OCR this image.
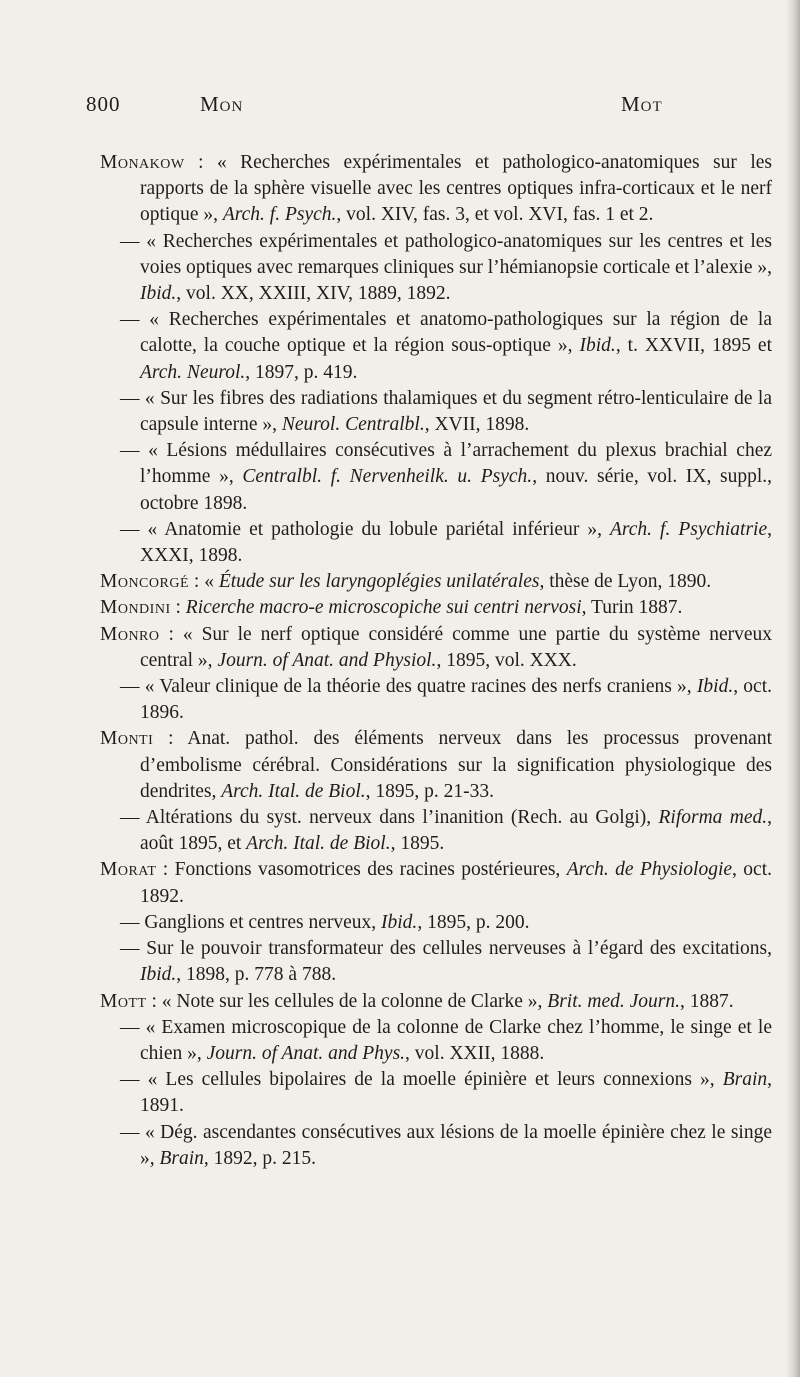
800	Mon	Mot

Monakow : « Recherches expérimentales et pathologico-anatomiques sur les rapports de la sphère visuelle avec les centres optiques infra-corticaux et le nerf optique », Arch. f. Psych., vol. XIV, fas. 3, et vol. XVI, fas. 1 et 2.

— « Recherches expérimentales et pathologico-anatomiques sur les centres et les voies optiques avec remarques cliniques sur l’hémianopsie corticale et l’alexie », Ibid., vol. XX, XXIII, XIV, 1889, 1892.

— « Recherches expérimentales et anatomo-pathologiques sur la région de la calotte, la couche optique et la région sous-optique », Ibid., t. XXVII, 1895 et Arch. Neurol., 1897, p. 419.

— « Sur les fibres des radiations thalamiques et du segment rétro-lenticulaire de la capsule interne », Neurol. Centralbl., XVII, 1898.

— « Lésions médullaires consécutives à l’arrachement du plexus brachial chez l’homme », Centralbl. f. Nervenheilk. u. Psych., nouv. série, vol. IX, suppl., octobre 1898.

— « Anatomie et pathologie du lobule pariétal inférieur », Arch. f. Psychiatrie, XXXI, 1898.

Moncorgé : « Étude sur les laryngoplégies unilatérales, thèse de Lyon, 1890.

Mondini : Ricerche macro-e microscopiche sui centri nervosi, Turin 1887.

Monro : « Sur le nerf optique considéré comme une partie du système nerveux central », Journ. of Anat. and Physiol., 1895, vol. XXX.

— « Valeur clinique de la théorie des quatre racines des nerfs craniens », Ibid., oct. 1896.

Monti : Anat. pathol. des éléments nerveux dans les processus provenant d’embolisme cérébral. Considérations sur la signification physiologique des dendrites, Arch. Ital. de Biol., 1895, p. 21-33.

— Altérations du syst. nerveux dans l’inanition (Rech. au Golgi), Riforma med., août 1895, et Arch. Ital. de Biol., 1895.

Morat : Fonctions vasomotrices des racines postérieures, Arch. de Physiologie, oct. 1892.

— Ganglions et centres nerveux, Ibid., 1895, p. 200.

— Sur le pouvoir transformateur des cellules nerveuses à l’égard des excitations, Ibid., 1898, p. 778 à 788.

Mott : « Note sur les cellules de la colonne de Clarke », Brit. med. Journ., 1887.

— « Examen microscopique de la colonne de Clarke chez l’homme, le singe et le chien », Journ. of Anat. and Phys., vol. XXII, 1888.

— « Les cellules bipolaires de la moelle épinière et leurs connexions », Brain, 1891.

— « Dég. ascendantes consécutives aux lésions de la moelle épinière chez le singe », Brain, 1892, p. 215.
